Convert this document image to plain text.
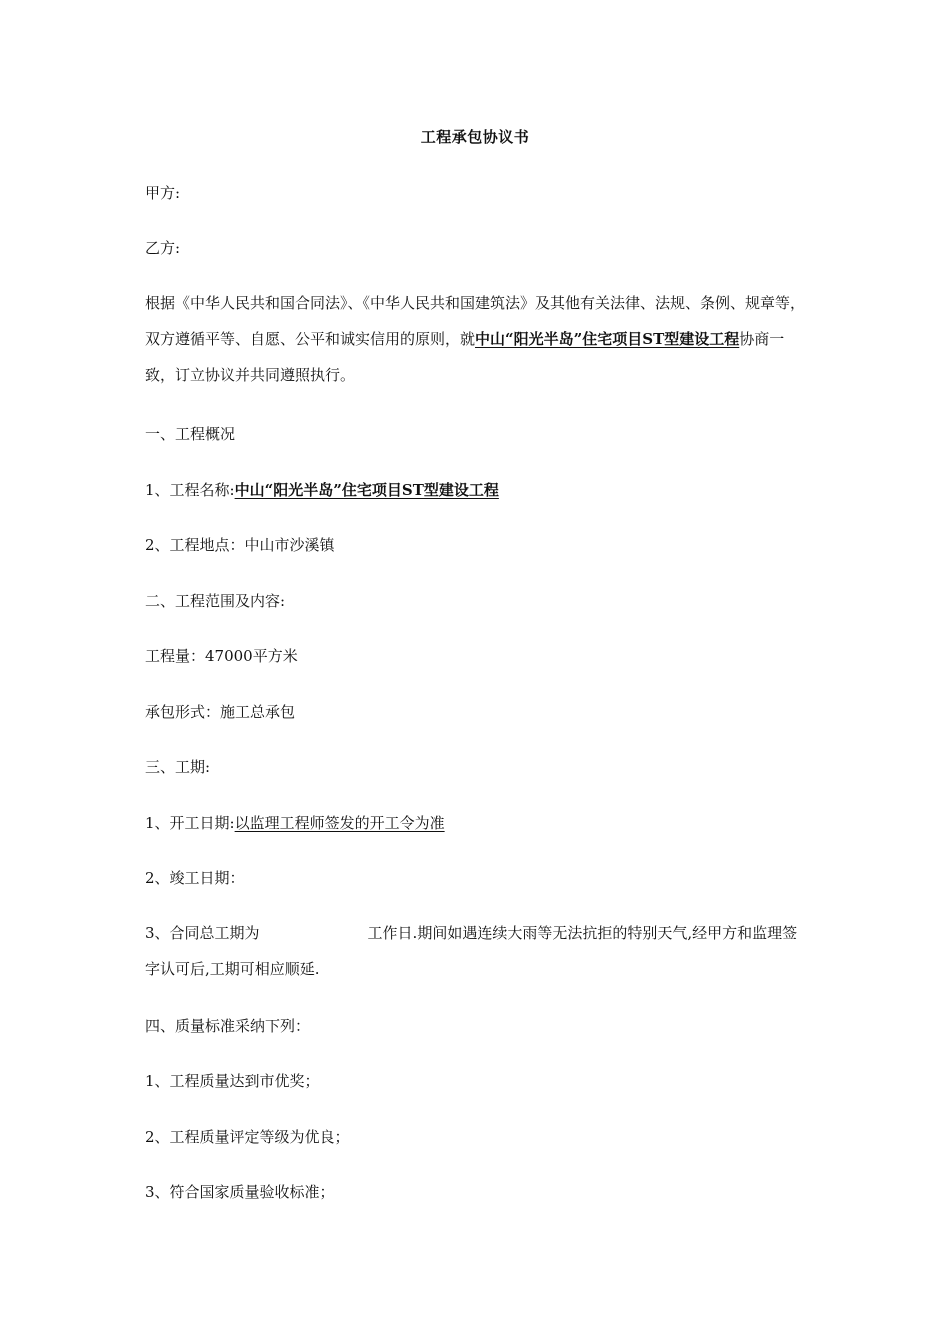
工程承包协议书
甲方:
乙方:
根据《中华人民共和国合同法》、《中华人民共和国建筑法》及其他有关法律、法规、条例、规章等，双方遵循平等、自愿、公平和诚实信用的原则，就中山“阳光半岛”住宅项目ST型建设工程协商一致，订立协议并共同遵照执行。
一、工程概况
1、工程名称:中山“阳光半岛”住宅项目ST型建设工程
2、工程地点：中山市沙溪镇
二、工程范围及内容:
工程量：47000平方米
承包形式：施工总承包
三、工期:
1、开工日期:以监理工程师签发的开工令为准
2、竣工日期：
3、合同总工期为	工作日.期间如遇连续大雨等无法抗拒的特别天气,经甲方和监理签字认可后,工期可相应顺延.
四、质量标准采纳下列：
1、工程质量达到市优奖；
2、工程质量评定等级为优良；
3、符合国家质量验收标准；
